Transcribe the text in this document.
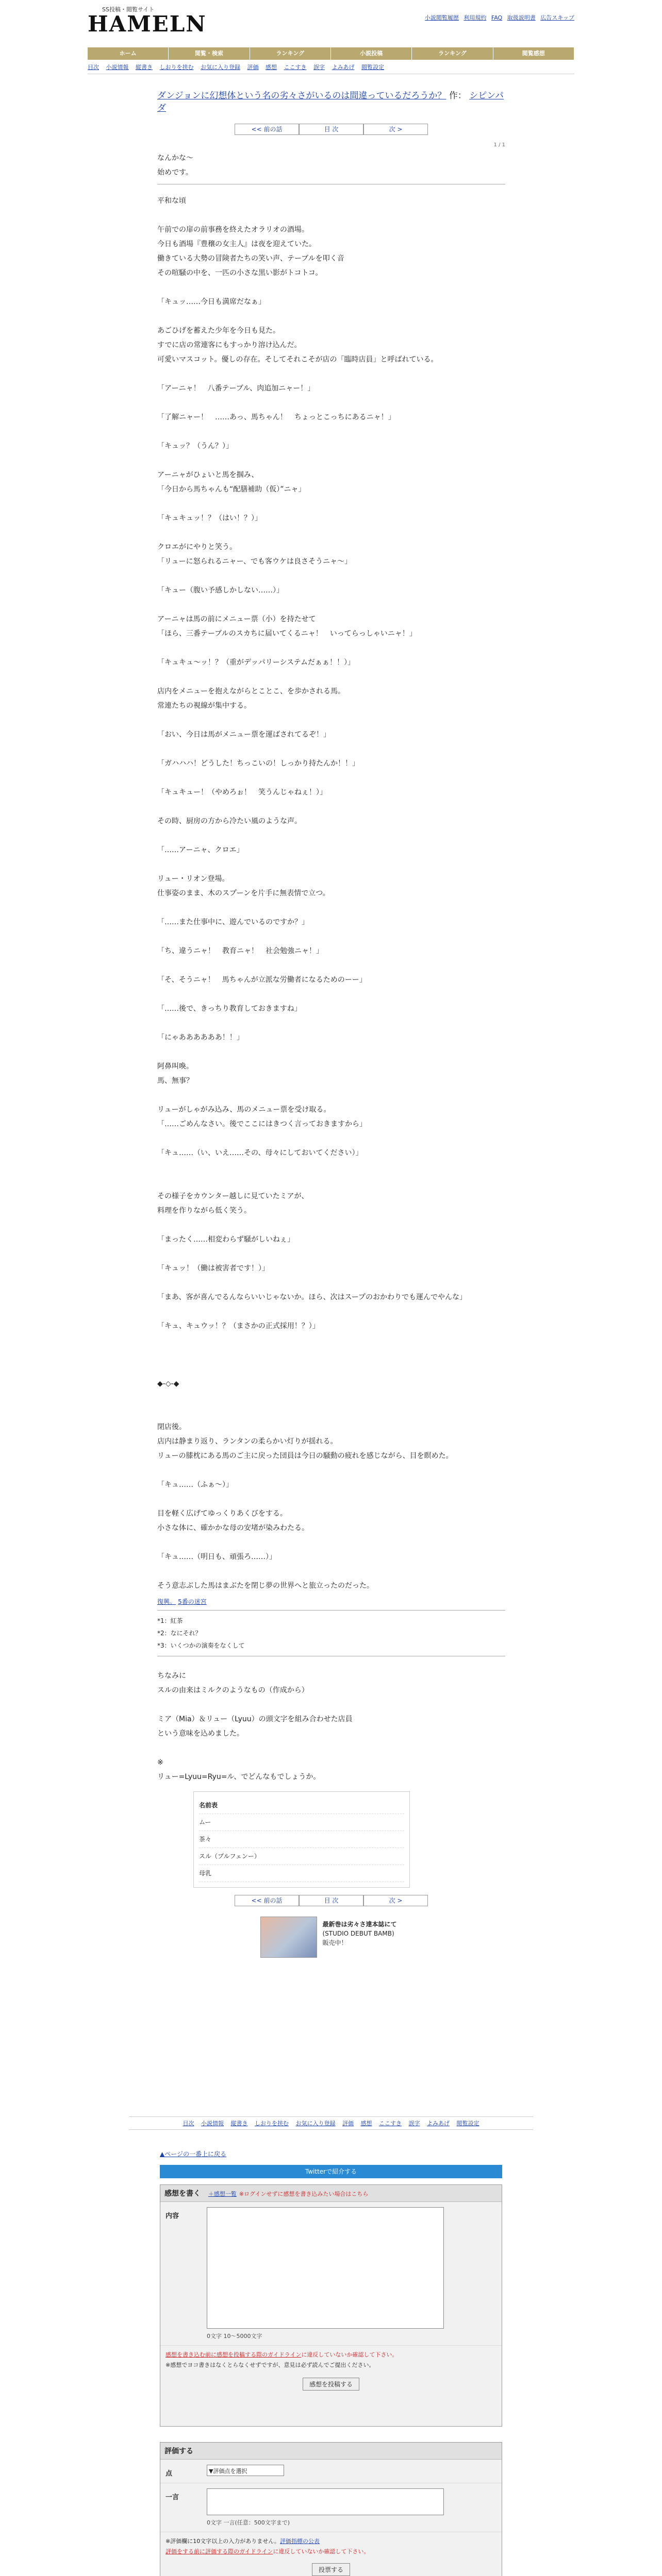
SS投稿・閲覧サイト
HAMELN	小説閲覧履歴 利用規約 FAQ 取扱説明書 広告スキップ
ホーム	閲覧・検索	ランキング	小説投稿	ランキング	閲覧感想
目次 小説情報 縦書き しおりを挟む お気に入り登録 評価 感想 ここすき 誤字 よみあげ 閲覧設定
ダンジョンに幻想体という名の劣々さがいるのは間違っているだろうか？ 作： シピンパ
ダ
<< 前の話	目 次	次 >
1 / 1

なんかな〜

始めです。

平和な頃

午前での扉の前事務を終えたオラリオの酒場。

今日も酒場『豊穣の女主人』は夜を迎えていた。

働きている大勢の冒険者たちの笑い声、テーブルを叩く音

その喧騒の中を、一匹の小さな黒い影がトコトコ。

「キュッ……今日も満席だなぁ」

あごひげを蓄えた少年を今日も見た。

すでに店の常連客にもすっかり溶け込んだ。

可愛いマスコット。優しの存在。そしてそれこそが店の「臨時店員」と呼ばれている。

「アーニャ！　八番テーブル、肉追加ニャー！」

「了解ニャー！　……あっ、馬ちゃん！　ちょっとこっちにあるニャ！」

「キュッ？（うん？）」

アーニャがひょいと馬を掴み、

「今日から馬ちゃんも“配膳補助（仮）”ニャ」

「キュキュッ！？（はい！？）」

クロエがにやりと笑う。

「リューに怒られるニャー、でも客ウケは良さそうニャ〜」

「キュー（腹い予感しかしない……）」

アーニャは馬の前にメニュー票（小）を持たせて

「ほら、三番テーブルのスカちに届いてくるニャ！　いってらっしゃいニャ！」

「キュキュ〜ッ！？（重がデッパリーシステムだぁぁ！！）」

店内をメニューを抱えながらとことこ、を歩かされる馬。

常連たちの視線が集中する。

「おい、今日は馬がメニュー票を運ばされてるぞ！」

「ガハハハ！どうした！ちっこいの！しっかり持たんか！！」

「キュキュー！（やめろぉ！　笑うんじゃねぇ！）」

その時、厨房の方から冷たい風のような声。

「……アーニャ、クロエ」

リュー・リオン登場。

仕事姿のまま、木のスプーンを片手に無表情で立つ。

「……また仕事中に、遊んでいるのですか？」

「ち、違うニャ！　教育ニャ！　社会勉強ニャ！」

「そ、そうニャ！　馬ちゃんが立派な労働者になるためのーー」

「……後で、きっちり教育しておきますね」

「にゃああああああ！！」

阿鼻叫喚。

馬、無事？

リューがしゃがみ込み、馬のメニュー票を受け取る。

「……ごめんなさい。後でここにはきつく言っておきますから」

「キュ……（い、いえ……その、母々にしておいてください）」

その様子をカウンター越しに見ていたミアが、

料理を作りながら低く笑う。

「まったく……相変わらず騒がしいねぇ」

「キュッ！（働は被害者です！）」

「まあ、客が喜んでるんならいいじゃないか。ほら、次はスープのおかわりでも運んでやんな」

「キュ、キュウッ！？（まさかの正式採用！？）」

◆-◇-◆

閉店後。

店内は静まり返り、ランタンの柔らかい灯りが揺れる。

リューの膝枕にある馬のご主に戻った団員は今日の騒動の疲れを感じながら、目を瞑めた。

「キュ……（ふぁ〜）」

目を軽く広げてゆっくりあくびをする。

小さな体に、確かかな母の安堵が染みわたる。

「キュ……（明日も、頑張ろ……）」

そう意志ぶした馬はまぶたを閉じ夢の世界へと旅立ったのだった。

復興。 5番の迷宮
*1：紅茶
*2：なにそれ？
*3：いくつかの演奏をなくして

ちなみに

スルの由来はミルクのようなもの（作成から）

ミア（Mia）＆リュー（Lyuu）の頭文字を組み合わせた店員

という意味を込めました。

※

リュー=Lyuu=Ryu=ル、でどんなもでしょうか。

名前表
ムー
茶々
スル（ブルフェンー）
母乳
<< 前の話	目 次	次 >
最新巻は劣々さ達本誌にて
(STUDIO DEBUT BAMB)
販売中！
目次 小説情報 縦書き しおりを挟む お気に入り登録 評価 感想 ここすき 誤字 よみあげ 閲覧設定
▲ページの一番上に戻る
Twitterで紹介する
感想を書く ＋感想一覧 ※ログインせずに感想を書き込みたい場合はこちら
内容
0文字 10〜5000文字
感想を書き込む前に感想を投稿する際のガイドラインに違反していないか確認して下さい。
※感想でヨコ書きはなくとらなくせずですが、意見は必ず読んでご提出ください。
感想を投稿する
評価する
点	▼評価点を選択
一言
0文字 一言(任意：500文字まで)
※評価欄に10文字以上の入力がありません。評価指標の公表
評価をする前に評価する際のガイドラインに違反していないか確認して下さい。
投票する
